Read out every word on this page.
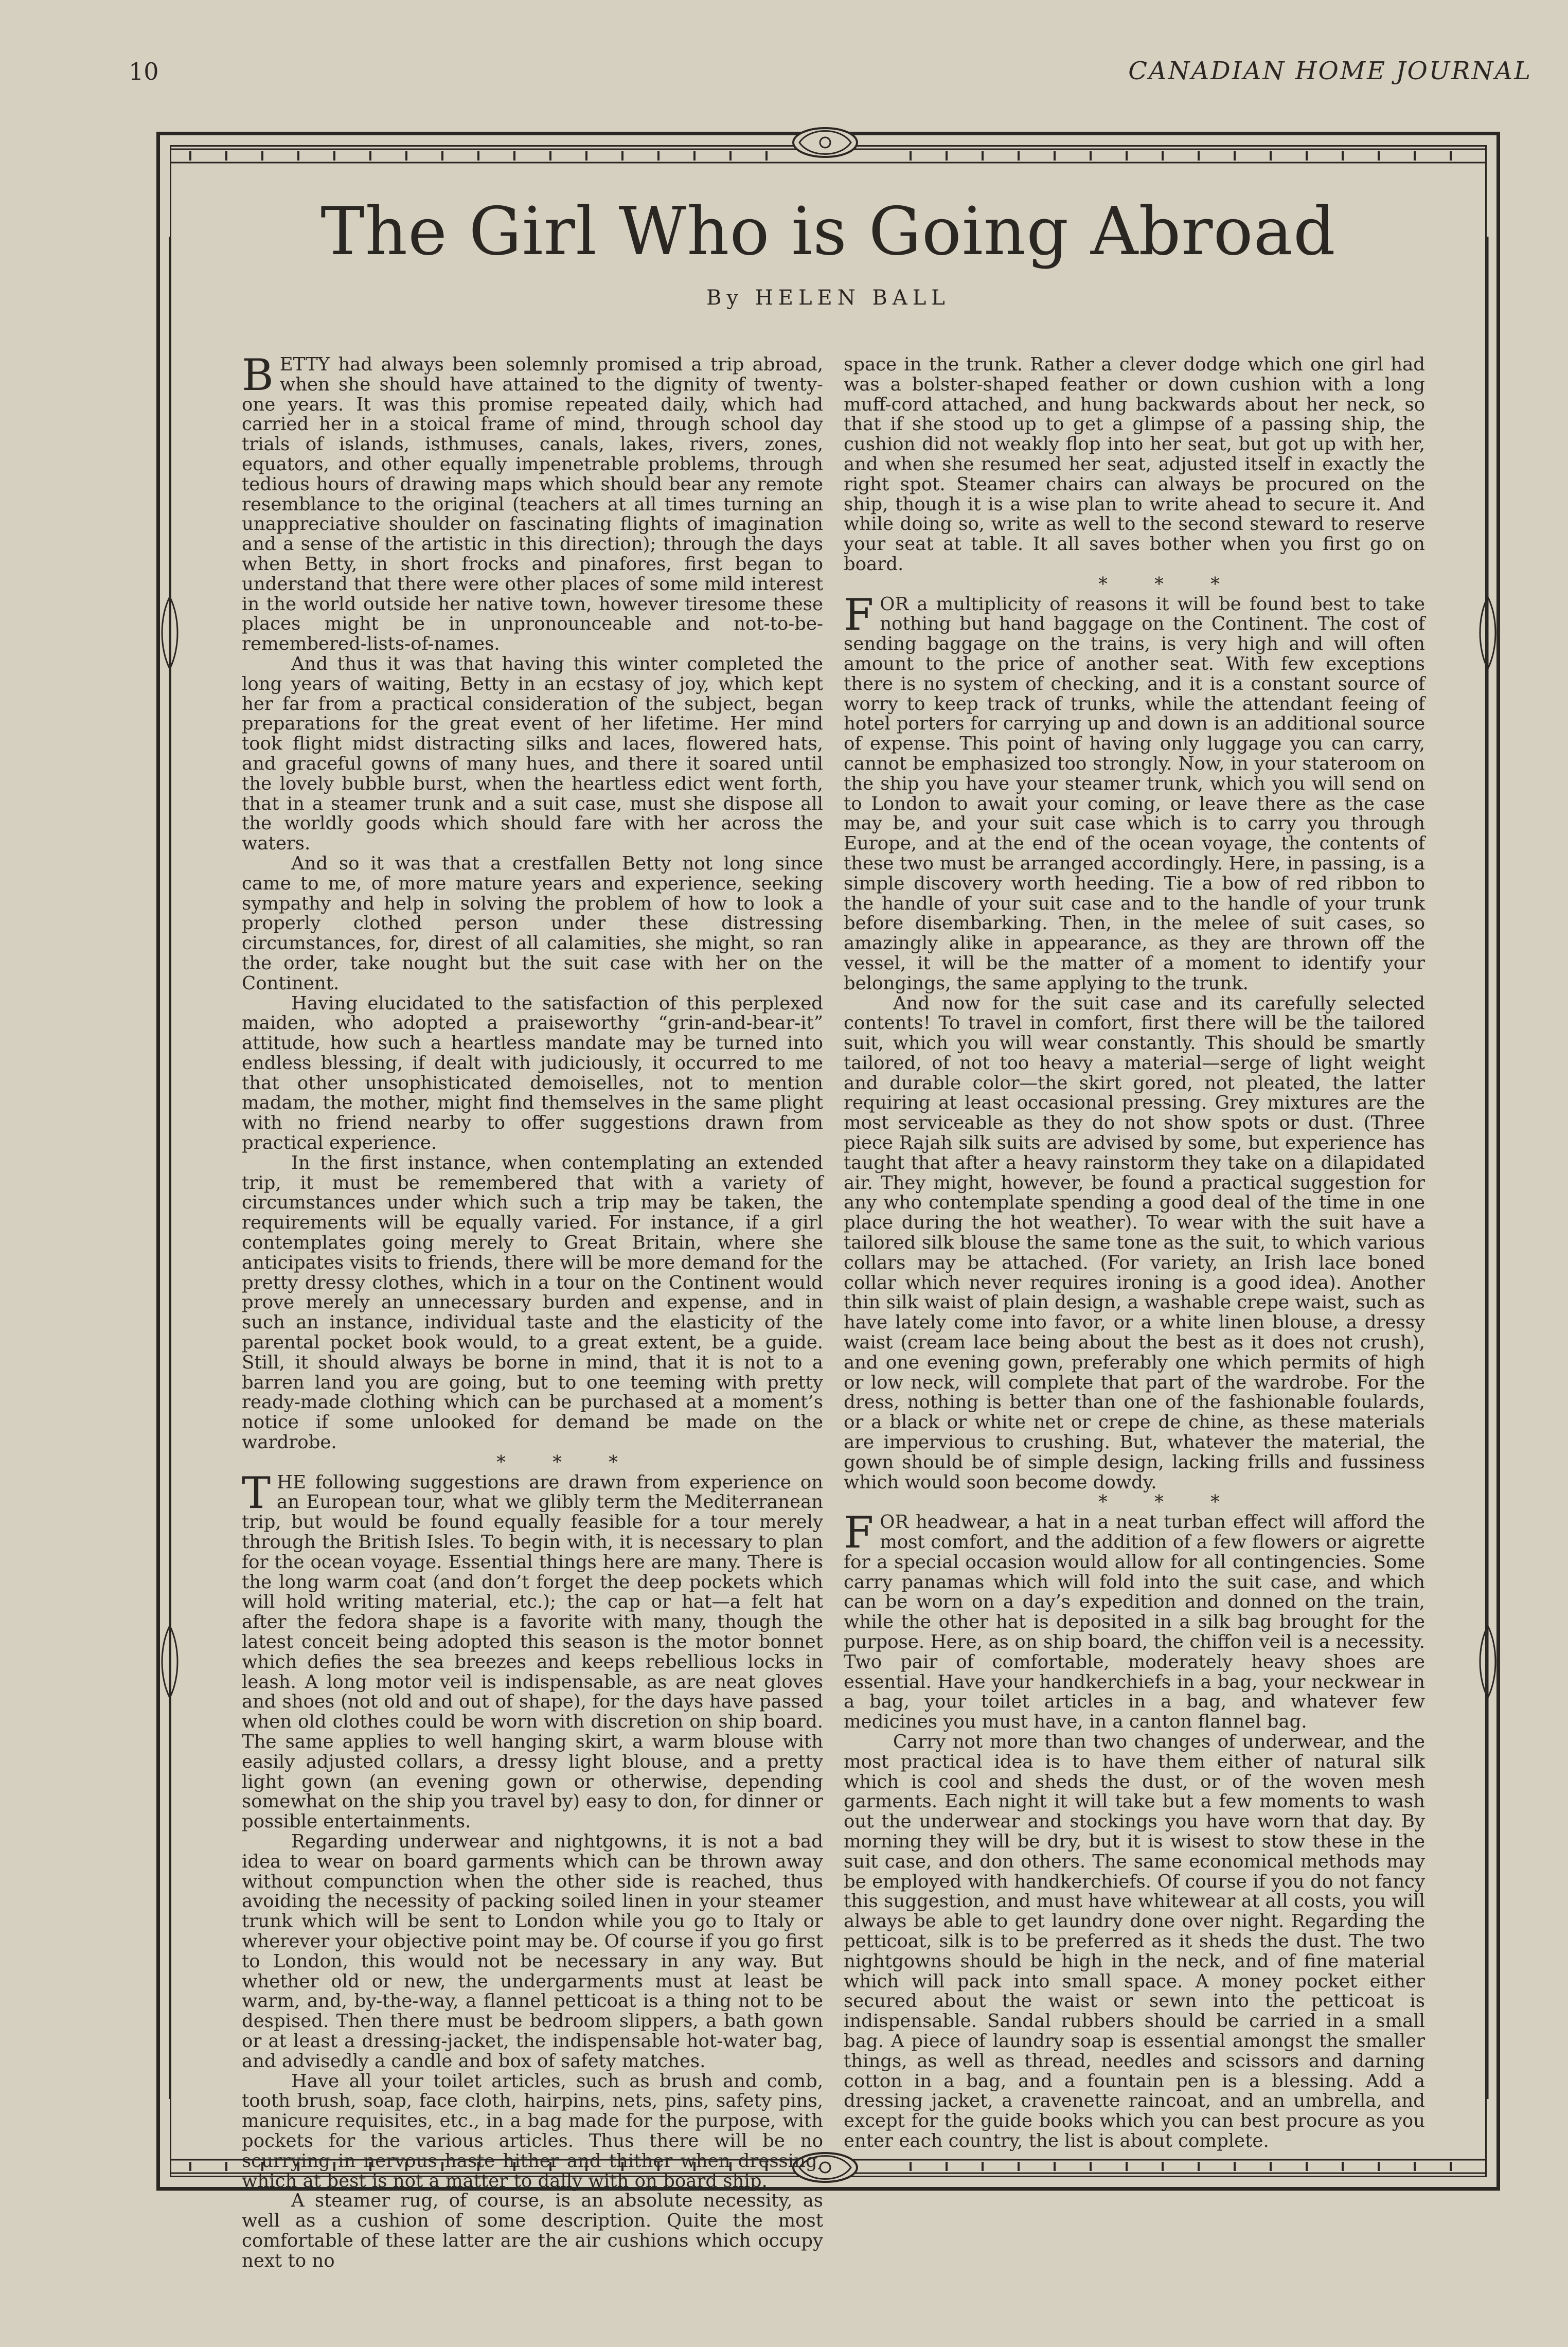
10	CANADIAN HOME JOURNAL
The Girl Who is Going Abroad
By HELEN BALL

BETTY had always been solemnly promised a trip abroad, when she should have attained to the dignity of twenty-one years. It was this promise repeated daily, which had carried her in a stoical frame of mind, through school day trials of islands, isthmuses, canals, lakes, rivers, zones, equators, and other equally impenetrable problems, through tedious hours of drawing maps which should bear any remote resemblance to the original (teachers at all times turning an unappreciative shoulder on fascinating flights of imagination and a sense of the artistic in this direction); through the days when Betty, in short frocks and pinafores, first began to understand that there were other places of some mild interest in the world outside her native town, however tiresome these places might be in unpronounceable and not-to-be-remembered-lists-of-names.

And thus it was that having this winter completed the long years of waiting, Betty in an ecstasy of joy, which kept her far from a practical consideration of the subject, began preparations for the great event of her lifetime. Her mind took flight midst distracting silks and laces, flowered hats, and graceful gowns of many hues, and there it soared until the lovely bubble burst, when the heartless edict went forth, that in a steamer trunk and a suit case, must she dispose all the worldly goods which should fare with her across the waters.

And so it was that a crestfallen Betty not long since came to me, of more mature years and experience, seeking sympathy and help in solving the problem of how to look a properly clothed person under these distressing circumstances, for, direst of all calamities, she might, so ran the order, take nought but the suit case with her on the Continent.

Having elucidated to the satisfaction of this perplexed maiden, who adopted a praiseworthy “grin-and-bear-it” attitude, how such a heartless mandate may be turned into endless blessing, if dealt with judiciously, it occurred to me that other unsophisticated demoiselles, not to mention madam, the mother, might find themselves in the same plight with no friend nearby to offer suggestions drawn from practical experience.

In the first instance, when contemplating an extended trip, it must be remembered that with a variety of circumstances under which such a trip may be taken, the requirements will be equally varied. For instance, if a girl contemplates going merely to Great Britain, where she anticipates visits to friends, there will be more demand for the pretty dressy clothes, which in a tour on the Continent would prove merely an unnecessary burden and expense, and in such an instance, individual taste and the elasticity of the parental pocket book would, to a great extent, be a guide. Still, it should always be borne in mind, that it is not to a barren land you are going, but to one teeming with pretty ready-made clothing which can be purchased at a moment’s notice if some unlooked for demand be made on the wardrobe.

* * *

THE following suggestions are drawn from experience on an European tour, what we glibly term the Mediterranean trip, but would be found equally feasible for a tour merely through the British Isles. To begin with, it is necessary to plan for the ocean voyage. Essential things here are many. There is the long warm coat (and don’t forget the deep pockets which will hold writing material, etc.); the cap or hat—a felt hat after the fedora shape is a favorite with many, though the latest conceit being adopted this season is the motor bonnet which defies the sea breezes and keeps rebellious locks in leash. A long motor veil is indispensable, as are neat gloves and shoes (not old and out of shape), for the days have passed when old clothes could be worn with discretion on ship board. The same applies to well hanging skirt, a warm blouse with easily adjusted collars, a dressy light blouse, and a pretty light gown (an evening gown or otherwise, depending somewhat on the ship you travel by) easy to don, for dinner or possible entertainments.

Regarding underwear and nightgowns, it is not a bad idea to wear on board garments which can be thrown away without compunction when the other side is reached, thus avoiding the necessity of packing soiled linen in your steamer trunk which will be sent to London while you go to Italy or wherever your objective point may be. Of course if you go first to London, this would not be necessary in any way. But whether old or new, the undergarments must at least be warm, and, by-the-way, a flannel petticoat is a thing not to be despised. Then there must be bedroom slippers, a bath gown or at least a dressing-jacket, the indispensable hot-water bag, and advisedly a candle and box of safety matches.

Have all your toilet articles, such as brush and comb, tooth brush, soap, face cloth, hairpins, nets, pins, safety pins, manicure requisites, etc., in a bag made for the purpose, with pockets for the various articles. Thus there will be no scurrying in nervous haste hither and thither when dressing, which at best is not a matter to dally with on board ship.

A steamer rug, of course, is an absolute necessity, as well as a cushion of some description. Quite the most comfortable of these latter are the air cushions which occupy next to no

space in the trunk. Rather a clever dodge which one girl had was a bolster-shaped feather or down cushion with a long muff-cord attached, and hung backwards about her neck, so that if she stood up to get a glimpse of a passing ship, the cushion did not weakly flop into her seat, but got up with her, and when she resumed her seat, adjusted itself in exactly the right spot. Steamer chairs can always be procured on the ship, though it is a wise plan to write ahead to secure it. And while doing so, write as well to the second steward to reserve your seat at table. It all saves bother when you first go on board.

* * *

FOR a multiplicity of reasons it will be found best to take nothing but hand baggage on the Continent. The cost of sending baggage on the trains, is very high and will often amount to the price of another seat. With few exceptions there is no system of checking, and it is a constant source of worry to keep track of trunks, while the attendant feeing of hotel porters for carrying up and down is an additional source of expense. This point of having only luggage you can carry, cannot be emphasized too strongly. Now, in your stateroom on the ship you have your steamer trunk, which you will send on to London to await your coming, or leave there as the case may be, and your suit case which is to carry you through Europe, and at the end of the ocean voyage, the contents of these two must be arranged accordingly. Here, in passing, is a simple discovery worth heeding. Tie a bow of red ribbon to the handle of your suit case and to the handle of your trunk before disembarking. Then, in the melee of suit cases, so amazingly alike in appearance, as they are thrown off the vessel, it will be the matter of a moment to identify your belongings, the same applying to the trunk.

And now for the suit case and its carefully selected contents! To travel in comfort, first there will be the tailored suit, which you will wear constantly. This should be smartly tailored, of not too heavy a material—serge of light weight and durable color—the skirt gored, not pleated, the latter requiring at least occasional pressing. Grey mixtures are the most serviceable as they do not show spots or dust. (Three piece Rajah silk suits are advised by some, but experience has taught that after a heavy rainstorm they take on a dilapidated air. They might, however, be found a practical suggestion for any who contemplate spending a good deal of the time in one place during the hot weather). To wear with the suit have a tailored silk blouse the same tone as the suit, to which various collars may be attached. (For variety, an Irish lace boned collar which never requires ironing is a good idea). Another thin silk waist of plain design, a washable crepe waist, such as have lately come into favor, or a white linen blouse, a dressy waist (cream lace being about the best as it does not crush), and one evening gown, preferably one which permits of high or low neck, will complete that part of the wardrobe. For the dress, nothing is better than one of the fashionable foulards, or a black or white net or crepe de chine, as these materials are impervious to crushing. But, whatever the material, the gown should be of simple design, lacking frills and fussiness which would soon become dowdy.

* * *

FOR headwear, a hat in a neat turban effect will afford the most comfort, and the addition of a few flowers or aigrette for a special occasion would allow for all contingencies. Some carry panamas which will fold into the suit case, and which can be worn on a day’s expedition and donned on the train, while the other hat is deposited in a silk bag brought for the purpose. Here, as on ship board, the chiffon veil is a necessity. Two pair of comfortable, moderately heavy shoes are essential. Have your handkerchiefs in a bag, your neckwear in a bag, your toilet articles in a bag, and whatever few medicines you must have, in a canton flannel bag.

Carry not more than two changes of underwear, and the most practical idea is to have them either of natural silk which is cool and sheds the dust, or of the woven mesh garments. Each night it will take but a few moments to wash out the underwear and stockings you have worn that day. By morning they will be dry, but it is wisest to stow these in the suit case, and don others. The same economical methods may be employed with handkerchiefs. Of course if you do not fancy this suggestion, and must have whitewear at all costs, you will always be able to get laundry done over night. Regarding the petticoat, silk is to be preferred as it sheds the dust. The two nightgowns should be high in the neck, and of fine material which will pack into small space. A money pocket either secured about the waist or sewn into the petticoat is indispensable. Sandal rubbers should be carried in a small bag. A piece of laundry soap is essential amongst the smaller things, as well as thread, needles and scissors and darning cotton in a bag, and a fountain pen is a blessing. Add a dressing jacket, a cravenette raincoat, and an umbrella, and except for the guide books which you can best procure as you enter each country, the list is about complete.
